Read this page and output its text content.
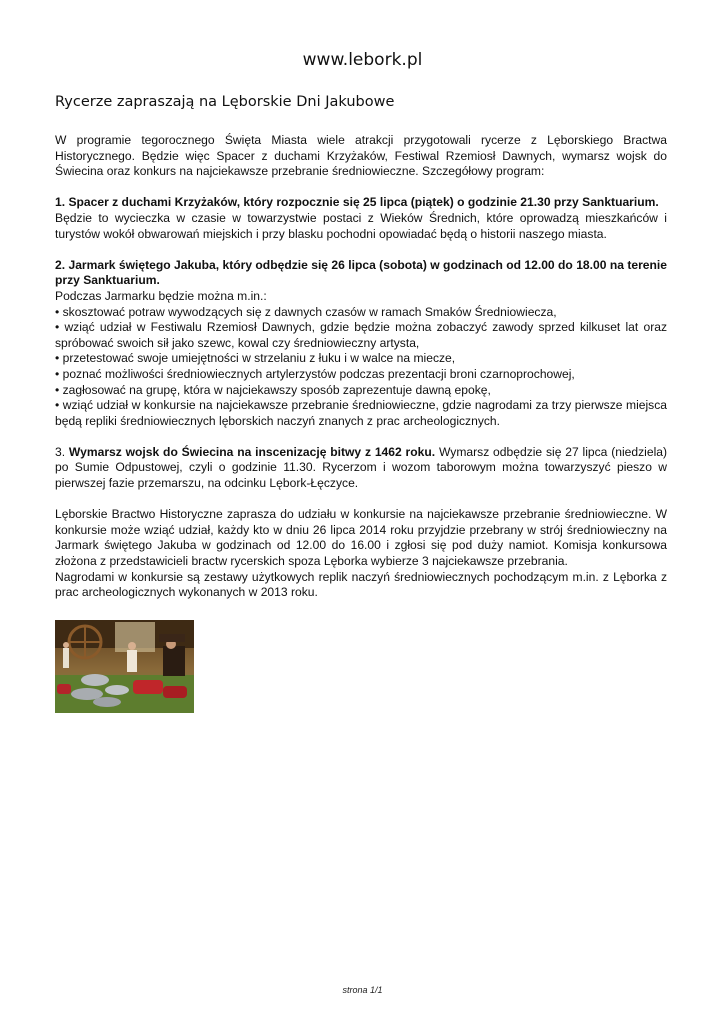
www.lebork.pl
Rycerze zapraszają na Lęborskie Dni Jakubowe

W programie tegorocznego Święta Miasta wiele atrakcji przygotowali rycerze z Lęborskiego Bractwa Historycznego. Będzie więc Spacer z duchami Krzyżaków, Festiwal Rzemiosł Dawnych, wymarsz wojsk do Świecina oraz konkurs na najciekawsze przebranie średniowieczne. Szczegółowy program:

1. Spacer z duchami Krzyżaków, który rozpocznie się 25 lipca (piątek) o godzinie 21.30 przy Sanktuarium.
Będzie to wycieczka w czasie w towarzystwie postaci z Wieków Średnich, które oprowadzą mieszkańców i turystów wokół obwarowań miejskich i przy blasku pochodni opowiadać będą o historii naszego miasta.

2. Jarmark świętego Jakuba, który odbędzie się 26 lipca (sobota) w godzinach od 12.00 do 18.00 na terenie przy Sanktuarium.

Podczas Jarmarku będzie można m.in.:
• skosztować potraw wywodzących się z dawnych czasów w ramach Smaków Średniowiecza,
• wziąć udział w Festiwalu Rzemiosł Dawnych, gdzie będzie można zobaczyć zawody sprzed kilkuset lat oraz spróbować swoich sił jako szewc, kowal czy średniowieczny artysta,
• przetestować swoje umiejętności w strzelaniu z łuku i w walce na miecze,
• poznać możliwości średniowiecznych artylerzystów podczas prezentacji broni czarnoprochowej,
• zagłosować na grupę, która w najciekawszy sposób zaprezentuje dawną epokę,
• wziąć udział w konkursie na najciekawsze przebranie średniowieczne, gdzie nagrodami za trzy pierwsze miejsca będą repliki średniowiecznych lęborskich naczyń znanych z prac archeologicznych.

3. Wymarsz wojsk do Świecina na inscenizację bitwy z 1462 roku. Wymarsz odbędzie się 27 lipca (niedziela) po Sumie Odpustowej, czyli o godzinie 11.30. Rycerzom i wozom taborowym można towarzyszyć pieszo w pierwszej fazie przemarszu, na odcinku Lębork-Łęczyce.

Lęborskie Bractwo Historyczne zaprasza do udziału w konkursie na najciekawsze przebranie średniowieczne. W konkursie może wziąć udział, każdy kto w dniu 26 lipca 2014 roku przyjdzie przebrany w strój średniowieczny na Jarmark świętego Jakuba w godzinach od 12.00 do 16.00 i zgłosi się pod duży namiot. Komisja konkursowa złożona z przedstawicieli bractw rycerskich spoza Lęborka wybierze 3 najciekawsze przebrania.
Nagrodami w konkursie są zestawy użytkowych replik naczyń średniowiecznych pochodzącym m.in. z Lęborka z prac archeologicznych wykonanych w 2013 roku.

strona 1/1
